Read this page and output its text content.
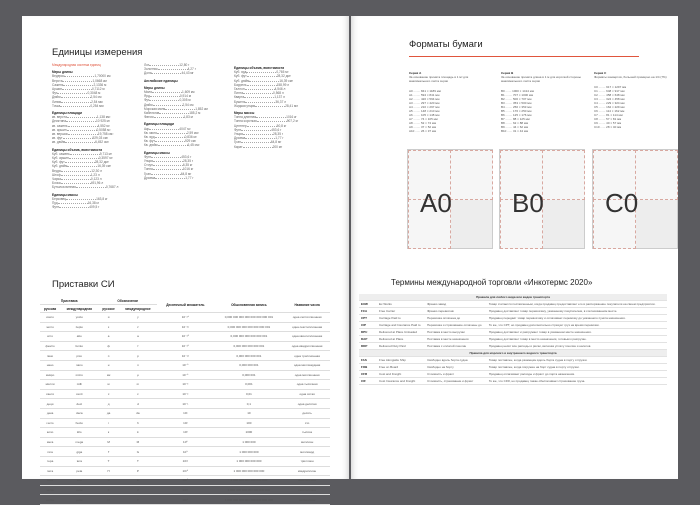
Единицы измерения
Международная система единиц
Меры длины
Ведерко	1,70000 км
Верста	1,0668 км
Сажень	2,1336 м
Аршин	0,7112 м
Фут	0,3048 м
Дюйм	2,54 см
Линия	2,54 мм
Точка	0,254 мм
Единицы площади
кв. верста	1,138 км²
Десятина	10 925 м²
кв. сажень	4,552 м²
кв. аршин	0,5058 м²
кв. вершок	19,758 см²
кв. фут	929,03 см²
кв. дюйм	6,452 см²
Единицы объема, вместимости
Куб. сажень	9,713 м³
Куб. аршин	0,3597 м³
Куб. фут	28,32 дм³
Куб. дюйм	16,39 см³
Ведро	12,30 л
Штоф	1,23 л
Чарка	0,123 л
Бочка	491,96 л
Бутылка винная	0,7687 л
Единицы массы
Берковец	163,8 кг
Пуд	16,38 кг
Фунт	409,5 г
Лот	12,80 г
Золотник	4,27 г
Доля	44,43 мг
Английские единицы
Меры длины
Миля	1,609 км
Ярд	0,914 м
Фут	0,305 м
Дюйм	2,54 см
Морская миля	1,852 км
Кабельтов	185,2 м
Фатом	1,83 м
Единицы площади
Акр	4047 м²
Кв. миля	2,59 км²
Кв. ярд	0,836 м²
Кв. фут	929 см²
Кв. дюйм	6,45 см²
Единицы массы
Фунт	453,6 г
Унция	28,35 г
Стоун	6,35 кг
Тонна	1016 кг
Гран	64,8 мг
Драхма	1,77 г
Единицы объема, вместимости
Куб. ярд	0,765 м³
Куб. фут	28,32 дм³
Куб. дюйм	16,39 см³
Баррель	158,99 л
Галлон	4,546 л
Пинта	0,568 л
Кварта	1,137 л
Бушель	36,37 л
Жидкая унция	28,41 мл
Меры массы
Тонна длинная	1016 кг
Тонна короткая	907,2 кг
Центнер	50,8 кг
Фунт	453,6 г
Унция	28,35 г
Драхма	1,77 г
Гран	64,8 мг
Карат	200 мг
Приставки СИ
Приставка		Обозначение		Десятичный множитель	Обыкновенная запись	Название числа
русская	международная	русское	международное			
иокто	yocto	и	y	10⁻²⁴	0,000 000 000 000 000 000 000 001	одна септиллионная
зепто	zepto	з	z	10⁻²¹	0,000 000 000 000 000 000 001	одна секстиллионная
атто	atto	а	a	10⁻¹⁸	0,000 000 000 000 000 001	одна квинтиллионная
фемто	femto	ф	f	10⁻¹⁵	0,000 000 000 000 001	одна квадриллионная
пико	pico	п	p	10⁻¹²	0,000 000 000 001	одна триллионная
нано	nano	н	n	10⁻⁹	0,000 000 001	одна миллиардная
микро	micro	мк	μ	10⁻⁶	0,000 001	одна миллионная
милли	milli	м	m	10⁻³	0,001	одна тысячная
санти	centi	с	c	10⁻²	0,01	одна сотая
деци	deci	д	d	10⁻¹	0,1	одна десятая
дека	deca	да	da	10¹	10	десять
гекто	hecto	г	h	10²	100	сто
кило	kilo	к	k	10³	1000	тысяча
мега	mega	М	M	10⁶	1 000 000	миллион
гига	giga	Г	G	10⁹	1 000 000 000	миллиард
тера	tera	Т	T	10¹²	1 000 000 000 000	триллион
пета	peta	П	P	10¹⁵	1 000 000 000 000 000	квадриллион
экса	exa	Э	E	10¹⁸	1 000 000 000 000 000 000	квинтиллион
зетта	zetta	З	Z	10²¹	1 000 000 000 000 000 000 000	секстиллион
иотта	yotta	И	Y	10²⁴	1 000 000 000 000 000 000 000 000	септиллион
Форматы бумаги
Серия А
За основание принята площадь в 1 м² для максимального листа серии
A0 ........ 841 × 1189 мм
A1 ........ 594 × 841 мм
A2 ........ 420 × 594 мм
A3 ........ 297 × 420 мм
A4 ........ 210 × 297 мм
A5 ........ 148 × 210 мм
A6 ........ 105 × 148 мм
A7 ........ 74 × 105 мм
A8 ........ 52 × 74 мм
A9 ........ 37 × 52 мм
A10 ...... 26 × 37 мм
A0
Серия B
За основание принята длина в 1 м для короткой стороны максимального листа серии
B0 ....... 1000 × 1414 мм
B1 ........ 707 × 1000 мм
B2 ........ 500 × 707 мм
B3 ........ 353 × 500 мм
B4 ........ 250 × 353 мм
B5 ........ 176 × 250 мм
B6 ........ 125 × 176 мм
B7 ........ 88 × 125 мм
B8 ........ 62 × 88 мм
B9 ........ 44 × 62 мм
B10 ...... 31 × 44 мм
B0
Серия C
Форматы конвертов, большей примерно на 1/4 (7%)
C0 ........ 917 × 1297 мм
C1 ........ 648 × 917 мм
C2 ........ 458 × 648 мм
C3 ........ 324 × 458 мм
C4 ........ 229 × 324 мм
C5 ........ 162 × 229 мм
C6 ........ 114 × 162 мм
C7 ........ 81 × 114 мм
C8 ........ 57 × 81 мм
C9 ........ 40 × 57 мм
C10 ...... 28 × 40 мм
C0
Термины международной торговли «Инкотермс 2020»
Правила для любого вида или видов транспорта			
EXW	Ex Works	Франко завод	Товар считается поставленным, когда продавец предоставляет его в распоряжение покупателя на своем предприятии.
FCA	Free Carrier	Франко перевозчик	Продавец доставляет товар перевозчику, указанному покупателем, в согласованном месте.
CPT	Carriage Paid to	Перевозка оплачена до	Продавец передаёт товар перевозчику и оплачивает перевозку до указанного пункта назначения.
CIP	Carriage and Insurance Paid to	Перевозка и страхование оплачены до	То же, что CPT, но продавец дополнительно страхует груз на время перевозки.
DPU	Delivered at Place Unloaded	Поставка в место выгрузки	Продавец доставляет и разгружает товар в указанном месте назначения.
DAP	Delivered at Place	Поставка в месте назначения	Продавец доставляет товар в место назначения, готовым к разгрузке.
DDP	Delivered Duty Paid	Поставка с оплатой пошлин	Продавец несёт все расходы и риски, включая уплату пошлин и налогов.
Правила для морского и внутреннего водного транспорта			
FAS	Free Alongside Ship	Свободно вдоль борта судна	Товар поставлен, когда размещён вдоль борта судна в порту отгрузки.
FOB	Free on Board	Свободно на борту	Товар поставлен, когда погружен на борт судна в порту отгрузки.
CFR	Cost and Freight	Стоимость и фрахт	Продавец оплачивает расходы и фрахт до порта назначения.
CIF	Cost Insurance and Freight	Стоимость, страхование и фрахт	То же, что CFR, но продавец также обеспечивает страхование груза.
